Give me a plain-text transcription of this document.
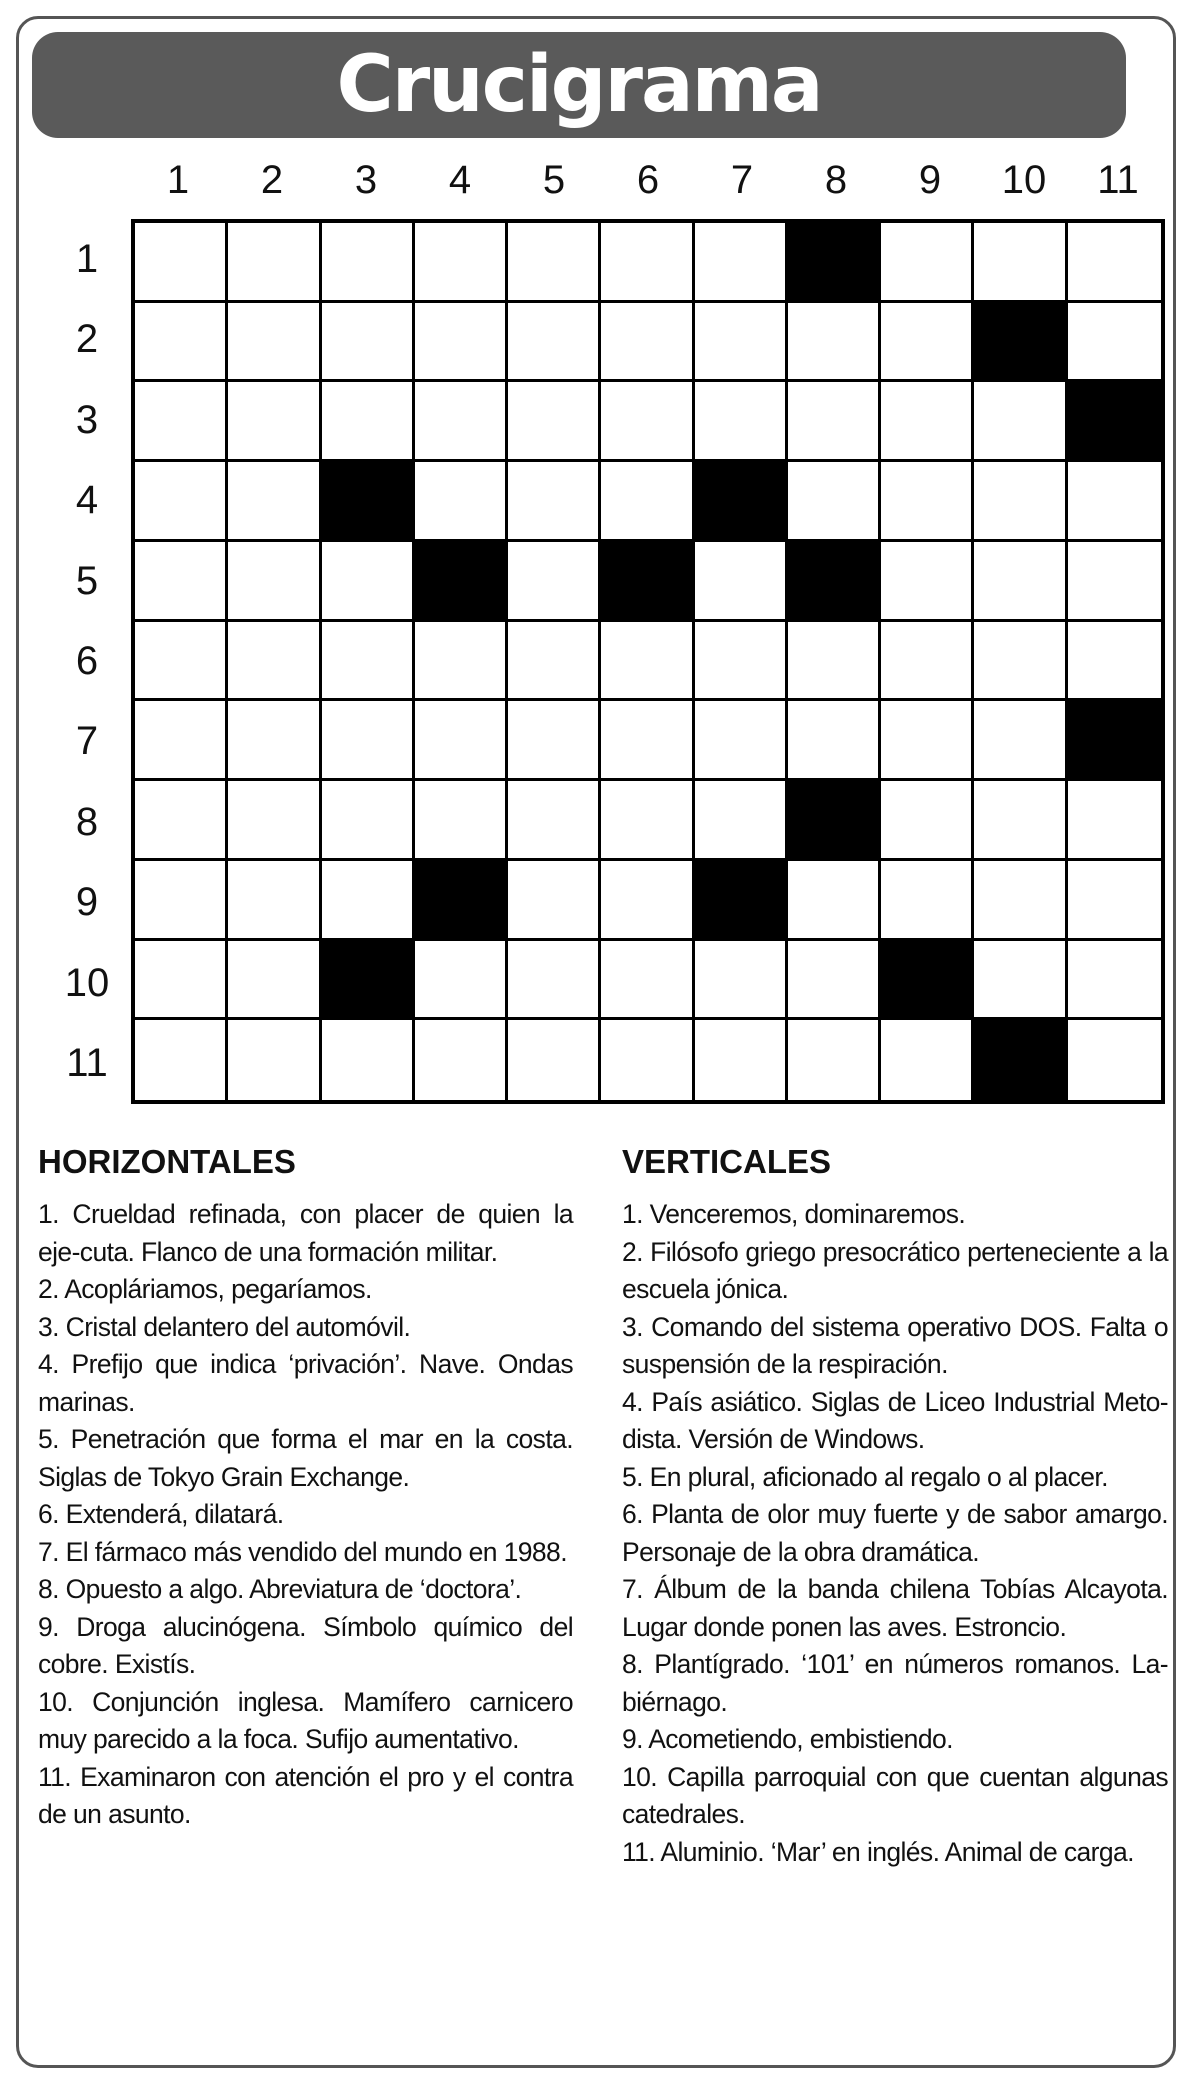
Crucigrama
1	2	3	4	5	6	7	8	9	10	11
1
2
3
4
5
6
7
8
9
10
11
HORIZONTALES

1. Crueldad refinada, con placer de quien la eje-cuta. Flanco de una formación militar.

2. Acopláriamos, pegaríamos.

3. Cristal delantero del automóvil.

4. Prefijo que indica ‘privación’. Nave. Ondas marinas.

5. Penetración que forma el mar en la costa. Siglas de Tokyo Grain Exchange.

6. Extenderá, dilatará.

7. El fármaco más vendido del mundo en 1988.

8. Opuesto a algo. Abreviatura de ‘doctora’.

9. Droga alucinógena. Símbolo químico del cobre. Existís.

10. Conjunción inglesa. Mamífero carnicero muy parecido a la foca. Sufijo aumentativo.

11. Examinaron con atención el pro y el contra de un asunto.

VERTICALES

1. Venceremos, dominaremos.

2. Filósofo griego presocrático perteneciente a la escuela jónica.

3. Comando del sistema operativo DOS. Falta o suspensión de la respiración.

4. País asiático. Siglas de Liceo Industrial Meto-dista. Versión de Windows.

5. En plural, aficionado al regalo o al placer.

6. Planta de olor muy fuerte y de sabor amargo. Personaje de la obra dramática.

7. Álbum de la banda chilena Tobías Alcayota. Lugar donde ponen las aves. Estroncio.

8. Plantígrado. ‘101’ en números romanos. La-biérnago.

9. Acometiendo, embistiendo.

10. Capilla parroquial con que cuentan algunas catedrales.

11. Aluminio. ‘Mar’ en inglés. Animal de carga.
